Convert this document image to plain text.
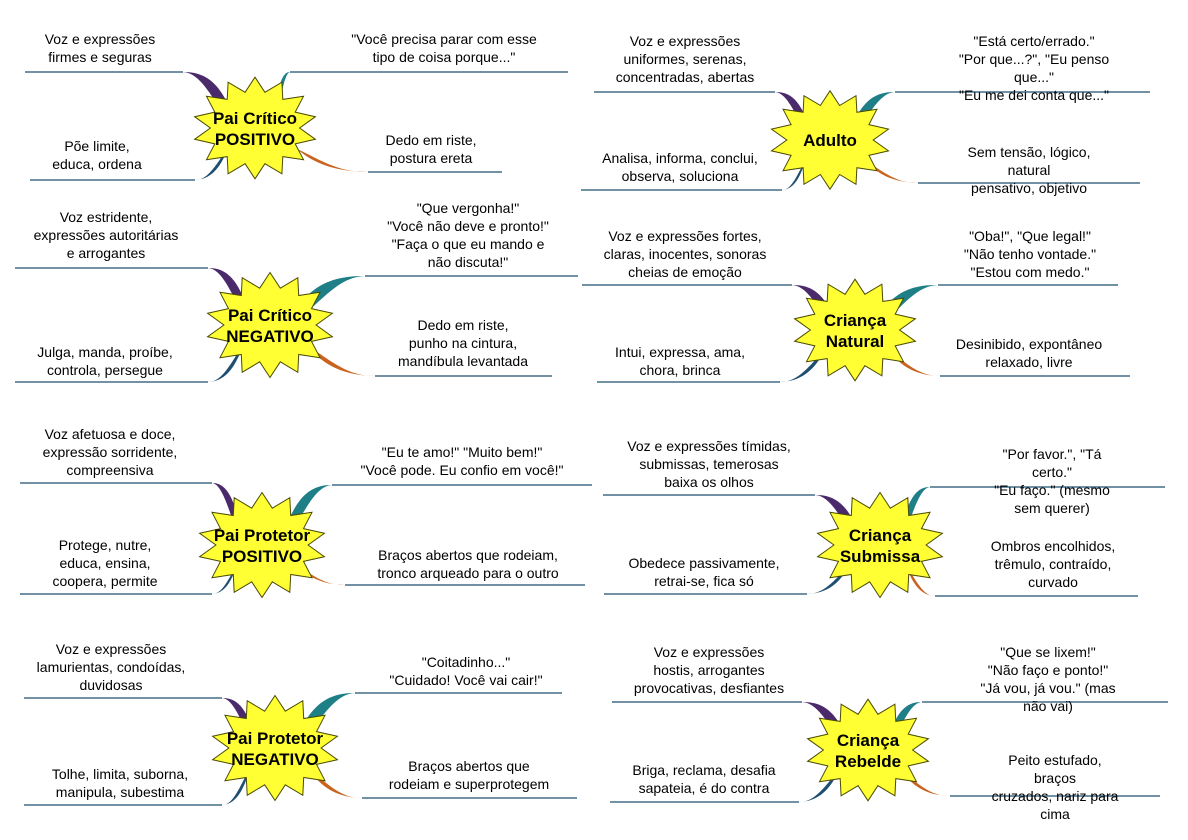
Pai Crítico POSITIVO	Adulto
Pai Crítico NEGATIVO
Criança Natural
Pai Protetor POSITIVO
Criança Submissa
Pai Protetor NEGATIVO
Criança Rebelde
Voz e expressões
firmes e seguras
"Você precisa parar com esse
tipo de coisa porque..."
Põe limite,
educa, ordena
Dedo em riste,
postura ereta
Voz e expressões
uniformes, serenas,
concentradas, abertas
"Está certo/errado."
"Por que...?", "Eu penso que..."
"Eu me dei conta que..."
Analisa, informa, conclui,
observa, soluciona
Sem tensão, lógico, natural
pensativo, objetivo
Voz estridente,
expressões autoritárias
e arrogantes
"Que vergonha!"
"Você não deve e pronto!"
"Faça o que eu mando e
não discuta!"
Julga, manda, proíbe,
controla, persegue
Dedo em riste,
punho na cintura,
mandíbula levantada
Voz e expressões fortes,
claras, inocentes, sonoras
cheias de emoção
"Oba!", "Que legal!"
"Não tenho vontade."
"Estou com medo."
Intui, expressa, ama,
chora, brinca
Desinibido, expontâneo
relaxado, livre
Voz afetuosa e doce,
expressão sorridente,
compreensiva
"Eu te amo!" "Muito bem!"
"Você pode. Eu confio em você!"
Protege, nutre,
educa, ensina,
coopera, permite
Braços abertos que rodeiam,
tronco arqueado para o outro
Voz e expressões tímidas,
submissas, temerosas
baixa os olhos
"Por favor.", "Tá certo."
"Eu faço." (mesmo sem querer)
Obedece passivamente,
retrai-se, fica só
Ombros encolhidos,
trêmulo, contraído,
curvado
Voz e expressões
lamurientas, condoídas,
duvidosas
"Coitadinho..."
"Cuidado! Você vai cair!"
Tolhe, limita, suborna,
manipula, subestima
Braços abertos que
rodeiam e superprotegem
Voz e expressões
hostis, arrogantes
provocativas, desfiantes
"Que se lixem!"
"Não faço e ponto!"
"Já vou, já vou." (mas não vai)
Briga, reclama, desafia
sapateia, é do contra
Peito estufado, braços
cruzados, nariz para cima
